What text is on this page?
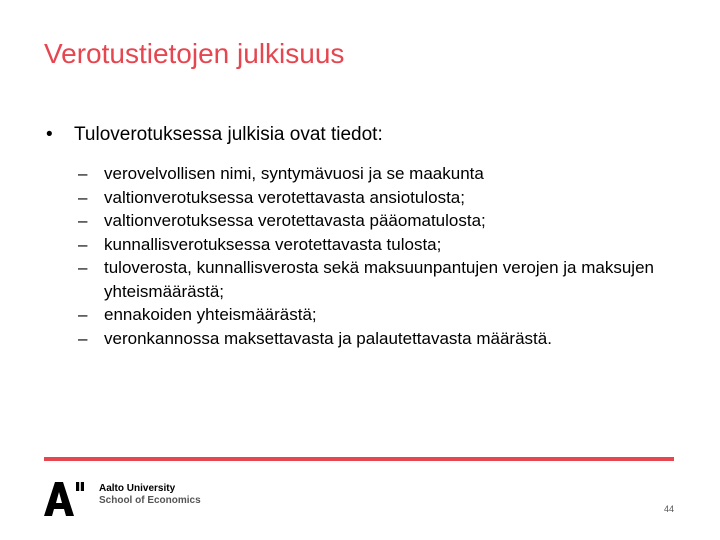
Verotustietojen julkisuus
• Tuloverotuksessa julkisia ovat tiedot:
– verovelvollisen nimi, syntymävuosi ja se maakunta
– valtionverotuksessa verotettavasta ansiotulosta;
– valtionverotuksessa verotettavasta pääomatulosta;
– kunnallisverotuksessa verotettavasta tulosta;
– tuloverosta, kunnallisverosta sekä maksuunpantujen verojen ja maksujen yhteismäärästä;
– ennakoiden yhteismäärästä;
– veronkannossa maksettavasta ja palautettavasta määrästä.
Aalto University
School of Economics
44
